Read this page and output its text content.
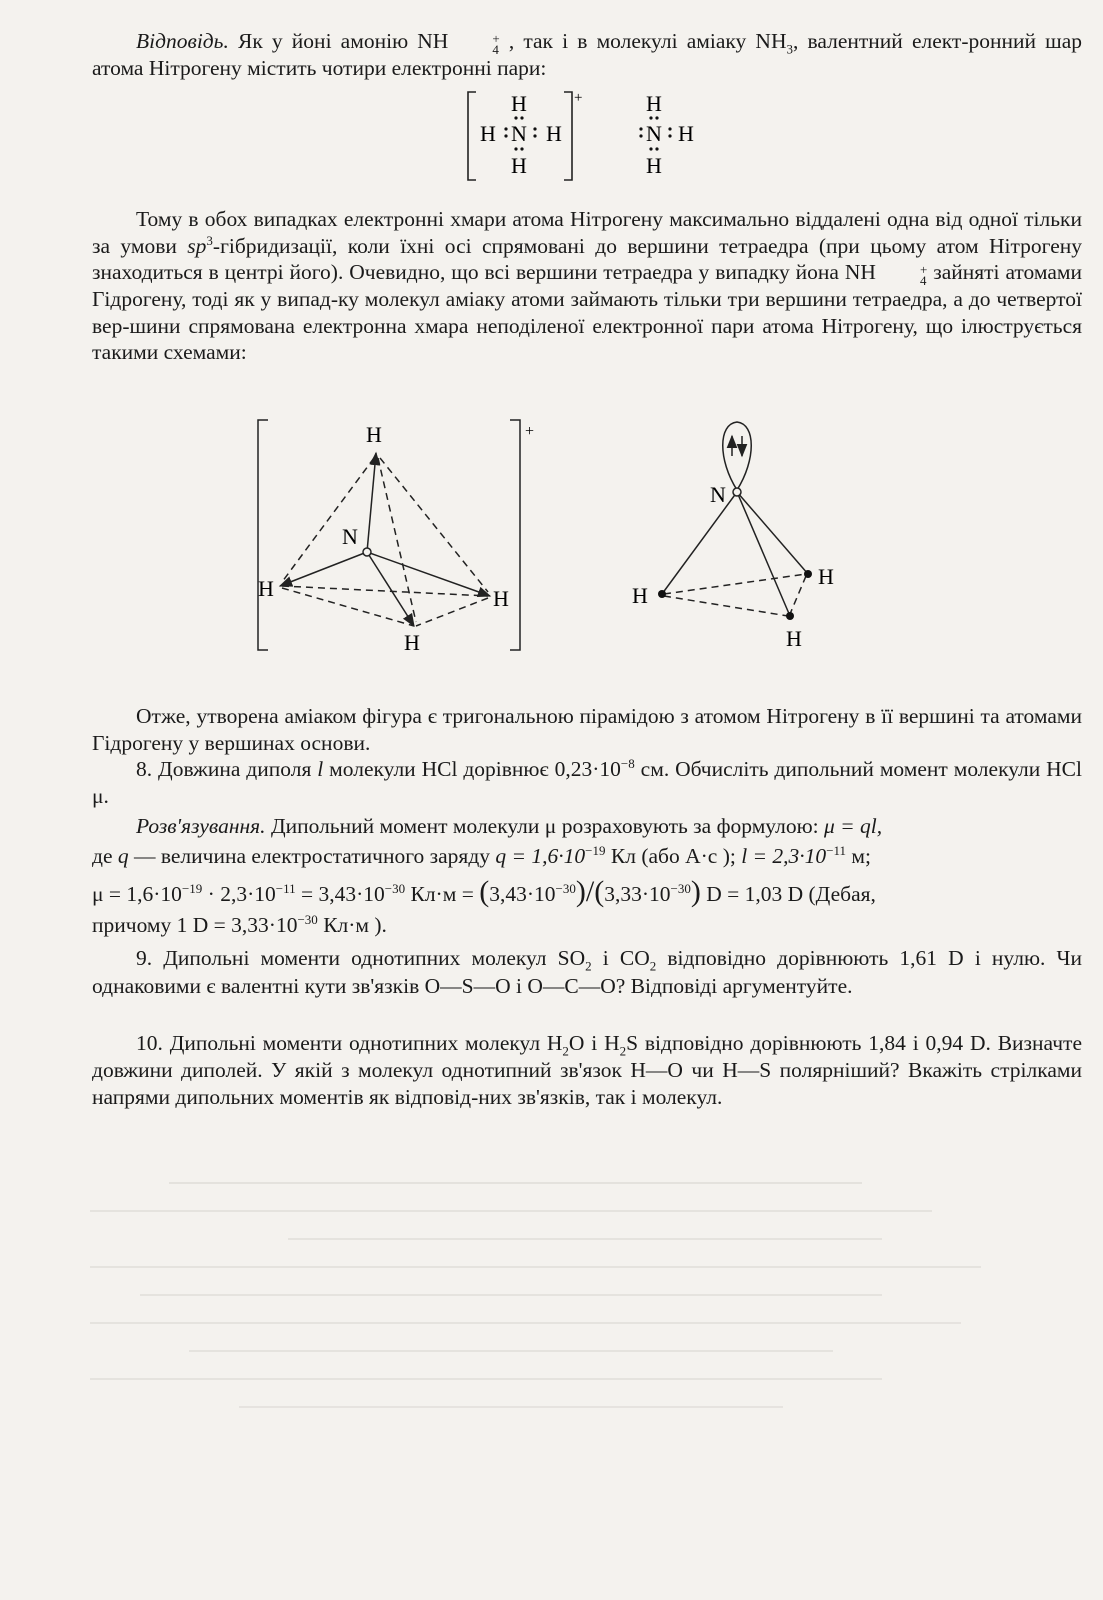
Відповідь. Як у йоні амонію NH	+
4 , так і в молекулі аміаку $NH_3$, валентний елект-ронний шар атома Нітрогену містить чотири електронні пари:
+
H
N
H
H H
H
N
H
H
Тому в обох випадках електронні хмари атома Нітрогену максимально віддалені одна від одної тільки за умови $sp^3$-гібридизації, коли їхні осі спрямовані до вершини тетраедра (при цьому атом Нітрогену знаходиться в центрі його). Очевидно, що всі вершини тетраедра у випадку йона NH	+
4 зайняті атомами Гідрогену, тоді як у випад-ку молекул аміаку атоми займають тільки три вершини тетраедра, а до четвертої вер-шини спрямована електронна хмара неподіленої електронної пари атома Нітрогену, що ілюструється такими схемами:
H
N
H	H
H
+
N
H
H
H
Отже, утворена аміаком фігура є тригональною пірамідою з атомом Нітрогену в її вершині та атомами Гідрогену у вершинах основи.
8. Довжина диполя l молекули HCl дорівнює $0,23\cdot 10^{-8}$ см. Обчисліть дипольний момент молекули HCl μ.
Розв'язування. Дипольний момент молекули μ розраховують за формулою: μ = ql,
де q — величина електростатичного заряду $q = 1,6\cdot 10^{-19}$ Кл (або A·c ); $l = 2,3\cdot 10^{-11}$ м;
$\mu = 1,6\cdot 10^{-19} \cdot 2,3\cdot 10^{-11} = 3,43\cdot 10^{-30}$ $Кл\cdot м = (3,43\cdot 10^{-30})/(3,33\cdot 10^{-30}) D = 1,03$ D (Дебая,
причому 1 $D = 3,33\cdot 10^{-30}$ Кл·м ).
9. Дипольні моменти однотипних молекул $SO_2$ і $CO_2$ відповідно дорівнюють 1,61 D і нулю. Чи однаковими є валентні кути зв'язків O—S—O і O—C—O? Відповіді аргументуйте.
10. Дипольні моменти однотипних молекул $H_2O$ і $H_2S$ відповідно дорівнюють 1,84 і 0,94 D. Визначте довжини диполей. У якій з молекул однотипний зв'язок H—O чи H—S полярніший? Вкажіть стрілками напрями дипольних моментів як відповід-них зв'язків, так і молекул.
